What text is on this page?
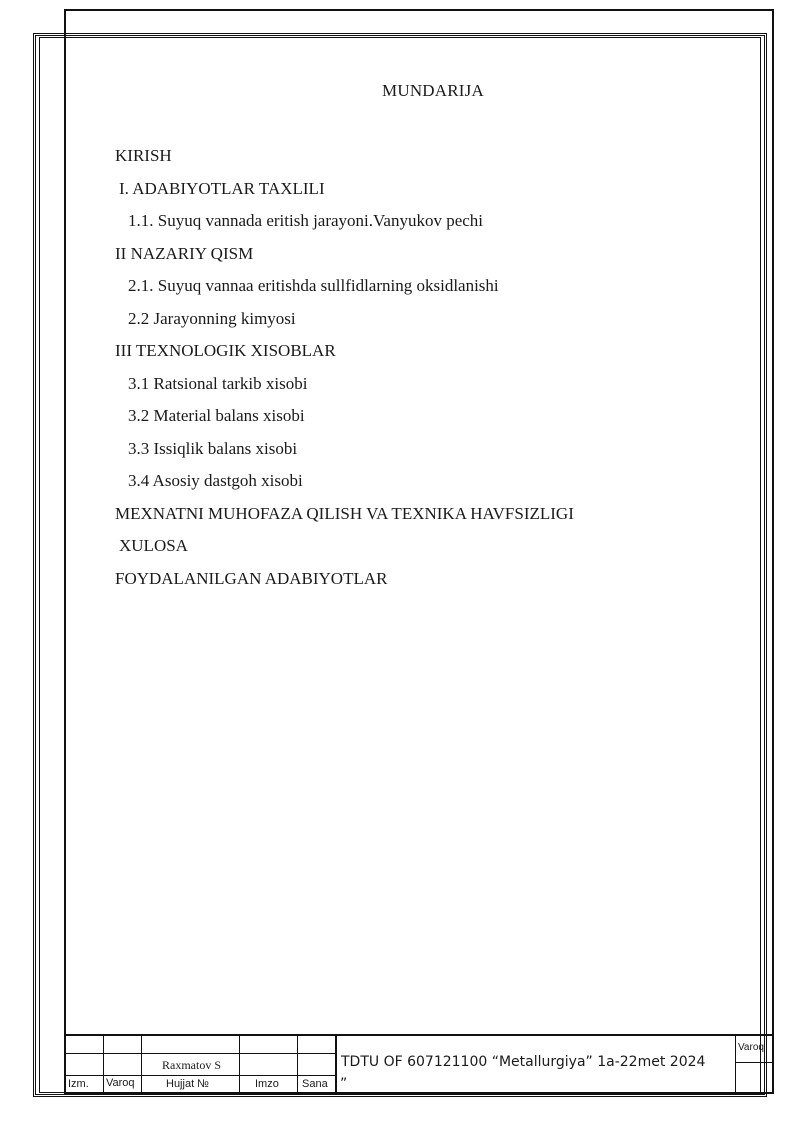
MUNDARIJA
KIRISH
I. ADABIYOTLAR TAXLILI
1.1. Suyuq vannada eritish jarayoni.Vanyukov pechi
II NAZARIY QISM
2.1. Suyuq vannaa eritishda sullfidlarning oksidlanishi
2.2 Jarayonning kimyosi
III TEXNOLOGIK XISOBLAR
3.1 Ratsional tarkib xisobi
3.2 Material balans xisobi
3.3 Issiqlik balans xisobi
3.4 Asosiy dastgoh xisobi
MEXNATNI MUHOFAZA QILISH VA TEXNIKA HAVFSIZLIGI
XULOSA
FOYDALANILGAN ADABIYOTLAR
Raxmatov S
Izm. Varoq	Hujjat №	Imzo Sana
TDTU OF 607121100 “Metallurgiya” 1a-22met 2024
”
Varoq
